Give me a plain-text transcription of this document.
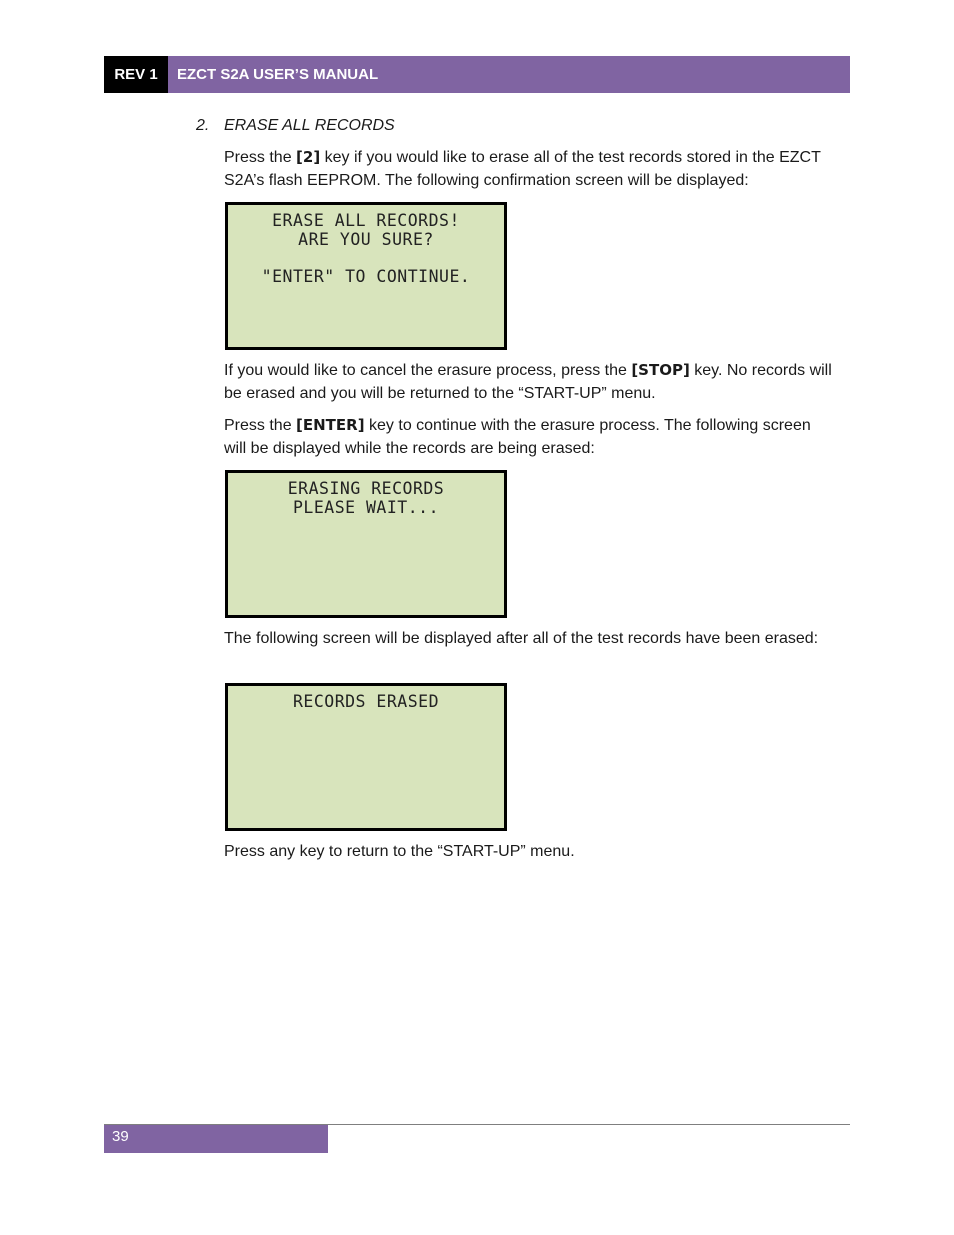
REV 1	EZCT S2A USER’S MANUAL
2. ERASE ALL RECORDS

Press the [2] key if you would like to erase all of the test records stored in the EZCT S2A’s flash EEPROM. The following confirmation screen will be displayed:

ERASE ALL RECORDS!
ARE YOU SURE?
"ENTER" TO CONTINUE.

If you would like to cancel the erasure process, press the [STOP] key. No records will be erased and you will be returned to the “START-UP” menu.

Press the [ENTER] key to continue with the erasure process. The following screen will be displayed while the records are being erased:

ERASING RECORDS
PLEASE WAIT...

The following screen will be displayed after all of the test records have been erased:

RECORDS ERASED

Press any key to return to the “START-UP” menu.

39
